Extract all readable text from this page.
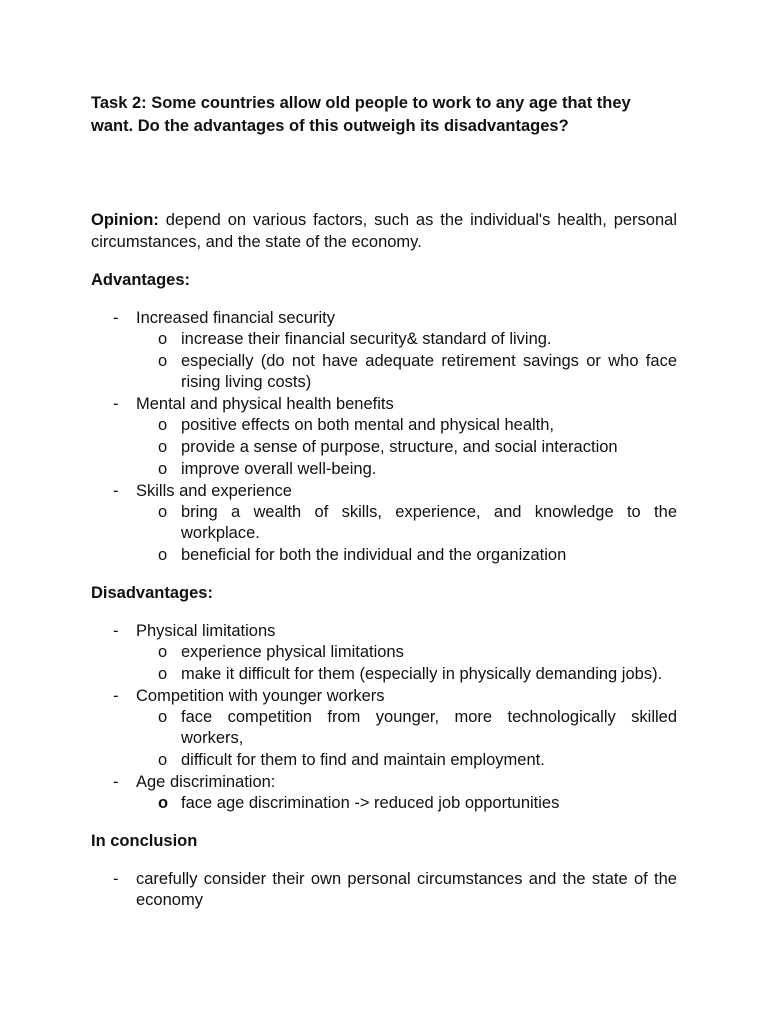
Task 2: Some countries allow old people to work to any age that they want. Do the advantages of this outweigh its disadvantages?

Opinion: depend on various factors, such as the individual's health, personal circumstances, and the state of the economy.

Advantages:

- Increased financial security
o increase their financial security& standard of living.
o especially (do not have adequate retirement savings or who face rising living costs)
- Mental and physical health benefits
o positive effects on both mental and physical health,
o provide a sense of purpose, structure, and social interaction
o improve overall well-being.
- Skills and experience
o bring a wealth of skills, experience, and knowledge to the workplace.
o beneficial for both the individual and the organization

Disadvantages:

- Physical limitations
o experience physical limitations
o make it difficult for them (especially in physically demanding jobs).
- Competition with younger workers
o face competition from younger, more technologically skilled workers,
o difficult for them to find and maintain employment.
- Age discrimination:
o face age discrimination -> reduced job opportunities

In conclusion

- carefully consider their own personal circumstances and the state of the economy
